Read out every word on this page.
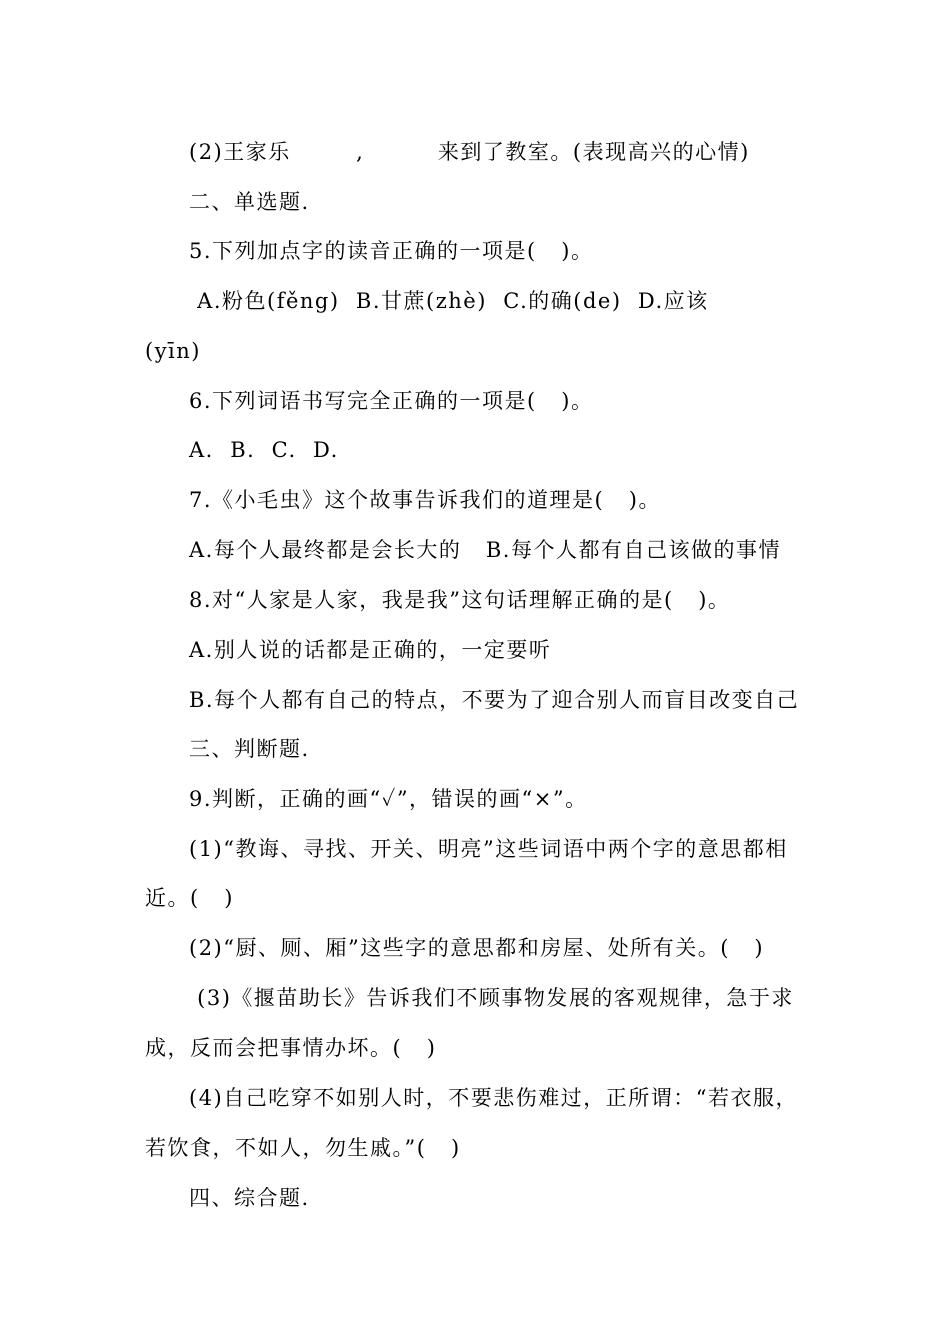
(2)王家乐        ,         来到了教室。(表现高兴的心情)
二、单选题.
5.下列加点字的读音正确的一项是(   )。
A.粉色(fěng)  B.甘蔗(zhè)  C.的确(de)  D.应该
(yīn)
6.下列词语书写完全正确的一项是(   )。
A.  B.  C.  D.
7.《小毛虫》这个故事告诉我们的道理是(   )。
A.每个人最终都是会长大的   B.每个人都有自己该做的事情
8.对“人家是人家，我是我”这句话理解正确的是(   )。
A.别人说的话都是正确的，一定要听
B.每个人都有自己的特点，不要为了迎合别人而盲目改变自己
三、判断题.
9.判断，正确的画“✓”，错误的画“×”。
(1)“教诲、寻找、开关、明亮”这些词语中两个字的意思都相
近。(   )
(2)“厨、厕、厢”这些字的意思都和房屋、处所有关。(   )
(3)《揠苗助长》告诉我们不顾事物发展的客观规律，急于求
成，反而会把事情办坏。(   )
(4)自己吃穿不如别人时，不要悲伤难过，正所谓：“若衣服，
若饮食，不如人，勿生戚。”(   )
四、综合题.
